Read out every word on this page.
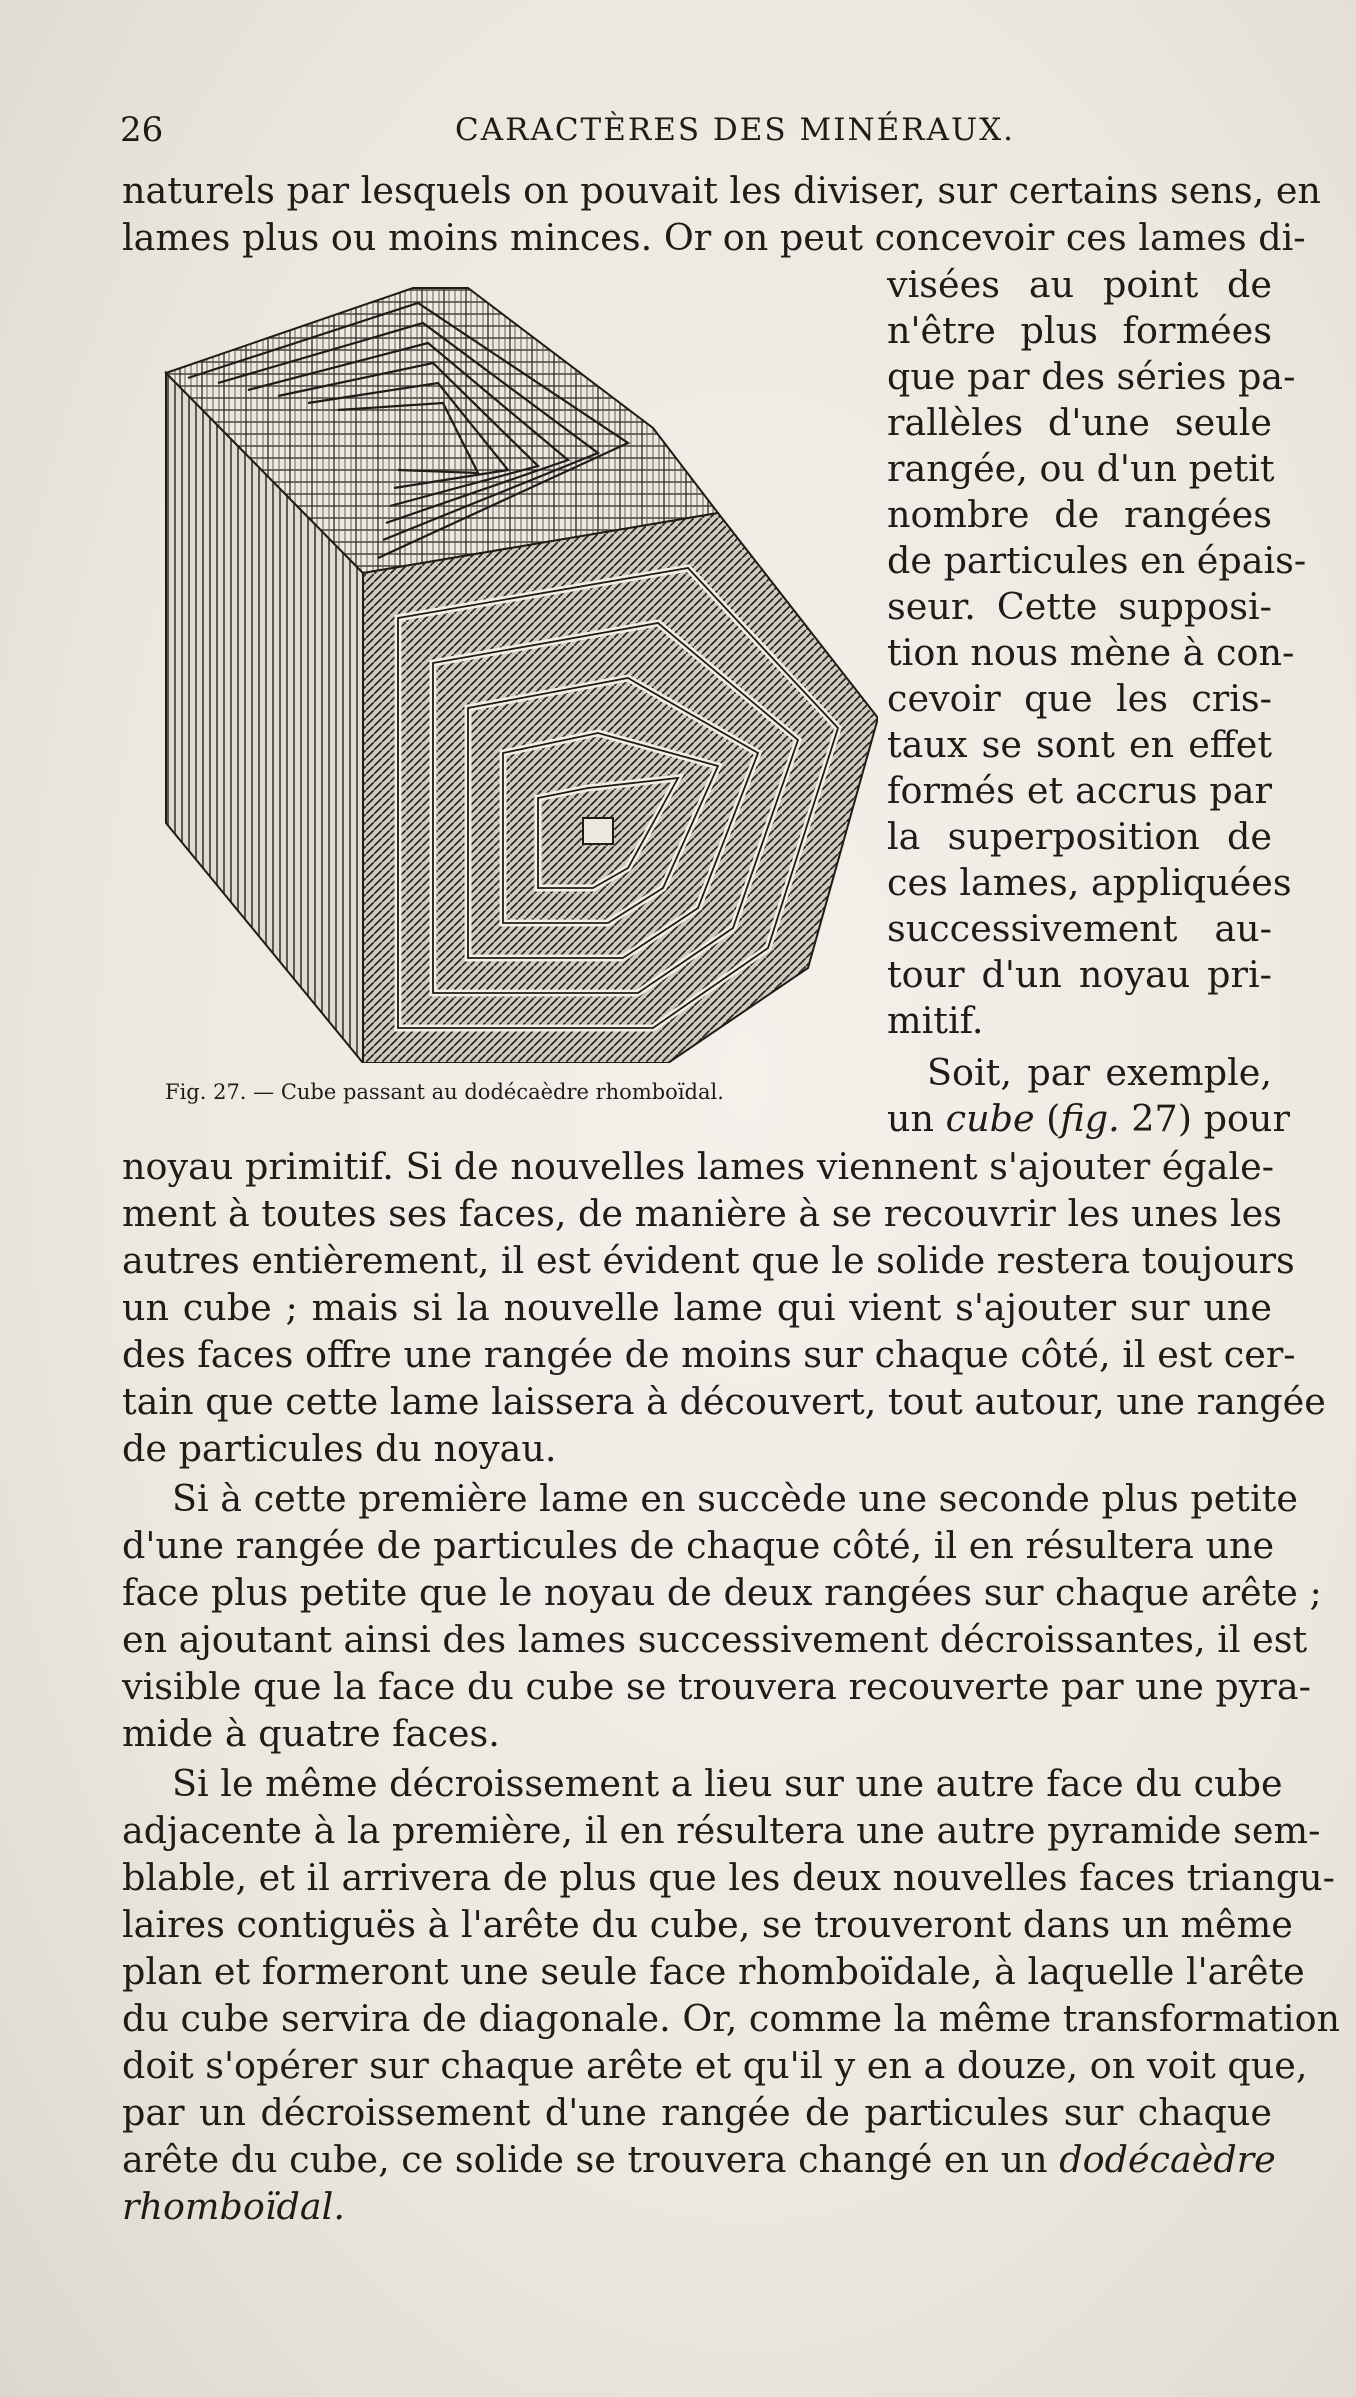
26	CARACTÈRES DES MINÉRAUX.
naturels par lesquels on pouvait les diviser, sur certains sens, en
lames plus ou moins minces. Or on peut concevoir ces lames di-
visées au point de
n'être plus formées
que par des séries pa-
rallèles d'une seule
rangée, ou d'un petit
nombre de rangées
de particules en épais-
seur. Cette supposi-
tion nous mène à con-
cevoir que les cris-
taux se sont en effet
formés et accrus par
la superposition de
ces lames, appliquées
successivement au-
tour d'un noyau pri-
mitif.
Soit, par exemple,
un cube (fig. 27) pour
Fig. 27. — Cube passant au dodécaèdre rhomboïdal.
noyau primitif. Si de nouvelles lames viennent s'ajouter égale-
ment à toutes ses faces, de manière à se recouvrir les unes les
autres entièrement, il est évident que le solide restera toujours
un cube ; mais si la nouvelle lame qui vient s'ajouter sur une
des faces offre une rangée de moins sur chaque côté, il est cer-
tain que cette lame laissera à découvert, tout autour, une rangée
de particules du noyau.
Si à cette première lame en succède une seconde plus petite
d'une rangée de particules de chaque côté, il en résultera une
face plus petite que le noyau de deux rangées sur chaque arête ;
en ajoutant ainsi des lames successivement décroissantes, il est
visible que la face du cube se trouvera recouverte par une pyra-
mide à quatre faces.
Si le même décroissement a lieu sur une autre face du cube
adjacente à la première, il en résultera une autre pyramide sem-
blable, et il arrivera de plus que les deux nouvelles faces triangu-
laires contiguës à l'arête du cube, se trouveront dans un même
plan et formeront une seule face rhomboïdale, à laquelle l'arête
du cube servira de diagonale. Or, comme la même transformation
doit s'opérer sur chaque arête et qu'il y en a douze, on voit que,
par un décroissement d'une rangée de particules sur chaque
arête du cube, ce solide se trouvera changé en un dodécaèdre
rhomboïdal.
